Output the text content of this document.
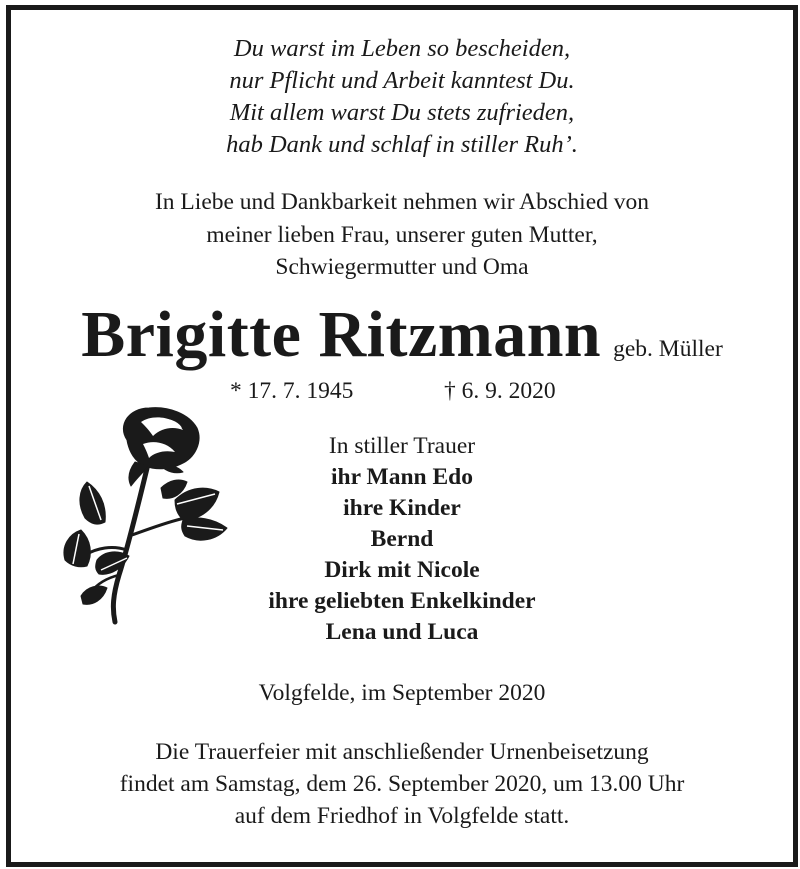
Du warst im Leben so bescheiden,
nur Pflicht und Arbeit kanntest Du.
Mit allem warst Du stets zufrieden,
hab Dank und schlaf in stiller Ruh’.
In Liebe und Dankbarkeit nehmen wir Abschied von
meiner lieben Frau, unserer guten Mutter,
Schwiegermutter und Oma
Brigitte Ritzmann geb. Müller
* 17. 7. 1945	† 6. 9. 2020
In stiller Trauer
ihr Mann Edo
ihre Kinder
Bernd
Dirk mit Nicole
ihre geliebten Enkelkinder
Lena und Luca
Volgfelde, im September 2020
Die Trauerfeier mit anschließender Urnenbeisetzung
findet am Samstag, dem 26. September 2020, um 13.00 Uhr
auf dem Friedhof in Volgfelde statt.
